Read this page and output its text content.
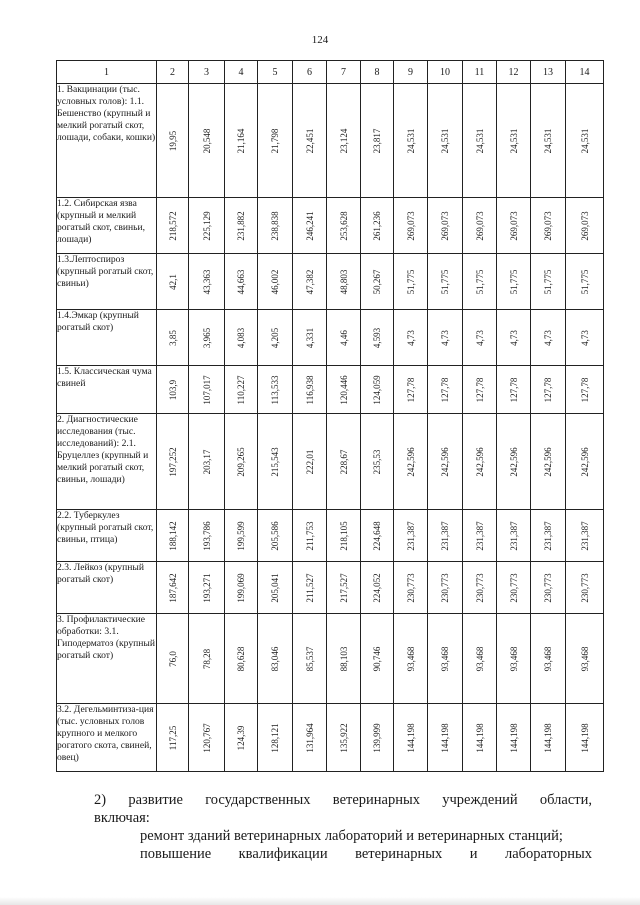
124
1	2	3	4	5	6	7	8	9	10	11	12	13	14
1. Вакцинации (тыс. условных голов): 1.1. Бешенство (крупный и мелкий рогатый скот, лошади, собаки, кошки)	19,95	20,548	21,164	21,798	22,451	23,124	23,817	24,531	24,531	24,531	24,531	24,531	24,531

1.2. Сибирская язва (крупный и мелкий рогатый скот, свиньи, лошади)	218,572	225,129	231,882	238,838	246,241	253,628	261,236	269,073	269,073	269,073	269,073	269,073	269,073

1.3.Лептоспироз (крупный рогатый скот, свиньи)	42,1	43,363	44,663	46,002	47,382	48,803	50,267	51,775	51,775	51,775	51,775	51,775	51,775

1.4.Эмкар (крупный рогатый скот)	3,85	3,965	4,083	4,205	4,331	4,46	4,593	4,73	4,73	4,73	4,73	4,73	4,73

1.5. Классическая чума свиней	103,9	107,017	110,227	113,533	116,938	120,446	124,059	127,78	127,78	127,78	127,78	127,78	127,78

2. Диагностические исследования (тыс. исследований): 2.1. Бруцеллез (крупный и мелкий рогатый скот, свиньи, лошади)	197,252	203,17	209,265	215,543	222,01	228,67	235,53	242,596	242,596	242,596	242,596	242,596	242,596

2.2. Туберкулез (крупный рогатый скот, свиньи, птица)	188,142	193,786	199,599	205,586	211,753	218,105	224,648	231,387	231,387	231,387	231,387	231,387	231,387

2.3. Лейкоз (крупный рогатый скот)	187,642	193,271	199,069	205,041	211,527	217,527	224,052	230,773	230,773	230,773	230,773	230,773	230,773

3. Профилактические обработки: 3.1. Гиподерматоз (крупный рогатый скот)	76,0	78,28	80,628	83,046	85,537	88,103	90,746	93,468	93,468	93,468	93,468	93,468	93,468

3.2. Дегельминтиза-ция (тыс. условных голов крупного и мелкого рогатого скота, свиней, овец)	117,25	120,767	124,39	128,121	131,964	135,922	139,999	144,198	144,198	144,198	144,198	144,198	144,198

2) развитие государственных ветеринарных учреждений области,

включая:

ремонт зданий ветеринарных лабораторий и ветеринарных станций;

повышение квалификации ветеринарных и лабораторных
